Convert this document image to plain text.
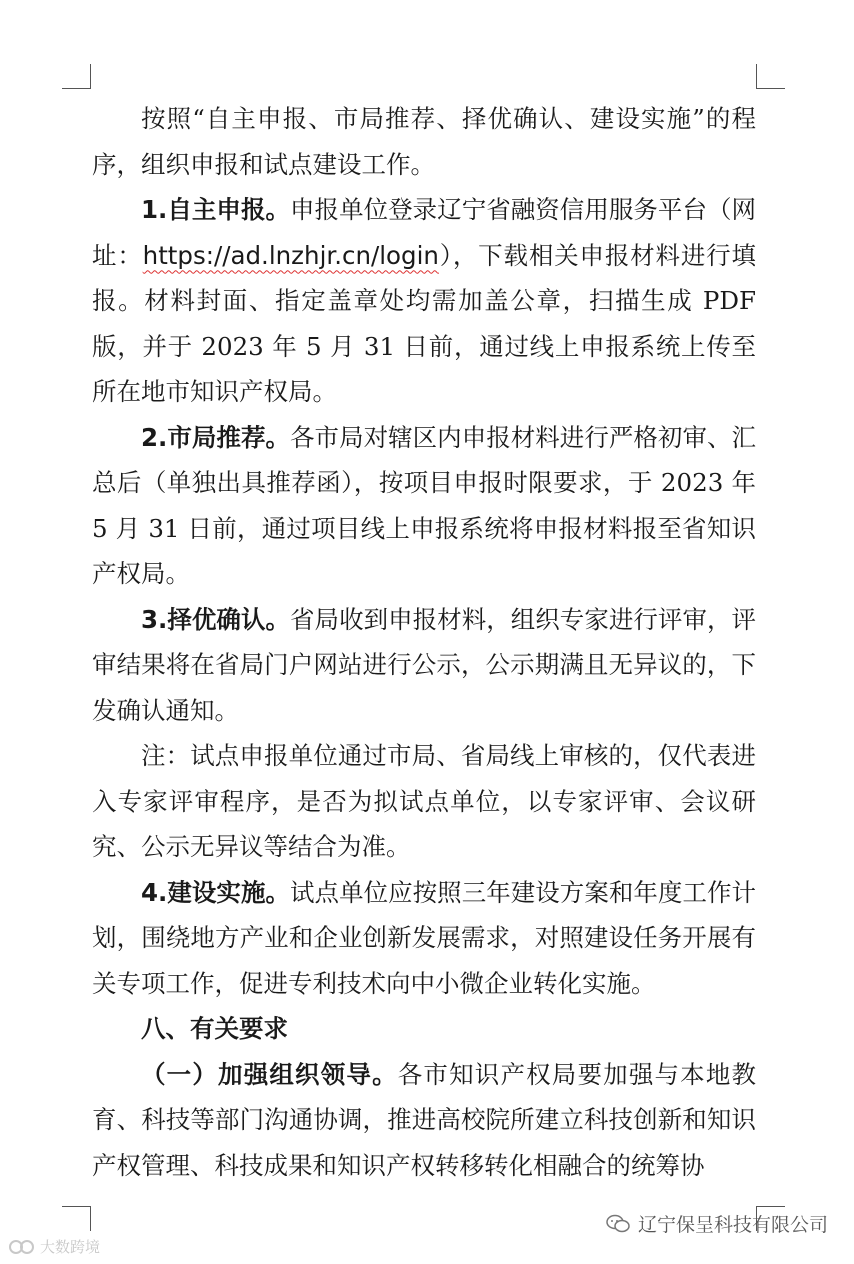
按照“自主申报、市局推荐、择优确认、建设实施”的程序，组织申报和试点建设工作。

1.自主申报。申报单位登录辽宁省融资信用服务平台（网址：https://ad.lnzhjr.cn/login），下载相关申报材料进行填报。材料封面、指定盖章处均需加盖公章，扫描生成 PDF 版，并于 2023 年 5 月 31 日前，通过线上申报系统上传至所在地市知识产权局。

2.市局推荐。各市局对辖区内申报材料进行严格初审、汇总后（单独出具推荐函），按项目申报时限要求，于 2023 年 5 月 31 日前，通过项目线上申报系统将申报材料报至省知识产权局。

3.择优确认。省局收到申报材料，组织专家进行评审，评审结果将在省局门户网站进行公示，公示期满且无异议的，下发确认通知。

注：试点申报单位通过市局、省局线上审核的，仅代表进入专家评审程序，是否为拟试点单位，以专家评审、会议研究、公示无异议等结合为准。

4.建设实施。试点单位应按照三年建设方案和年度工作计划，围绕地方产业和企业创新发展需求，对照建设任务开展有关专项工作，促进专利技术向中小微企业转化实施。

八、有关要求

（一）加强组织领导。各市知识产权局要加强与本地教育、科技等部门沟通协调，推进高校院所建立科技创新和知识产权管理、科技成果和知识产权转移转化相融合的统筹协

大数跨境
辽宁保呈科技有限公司
